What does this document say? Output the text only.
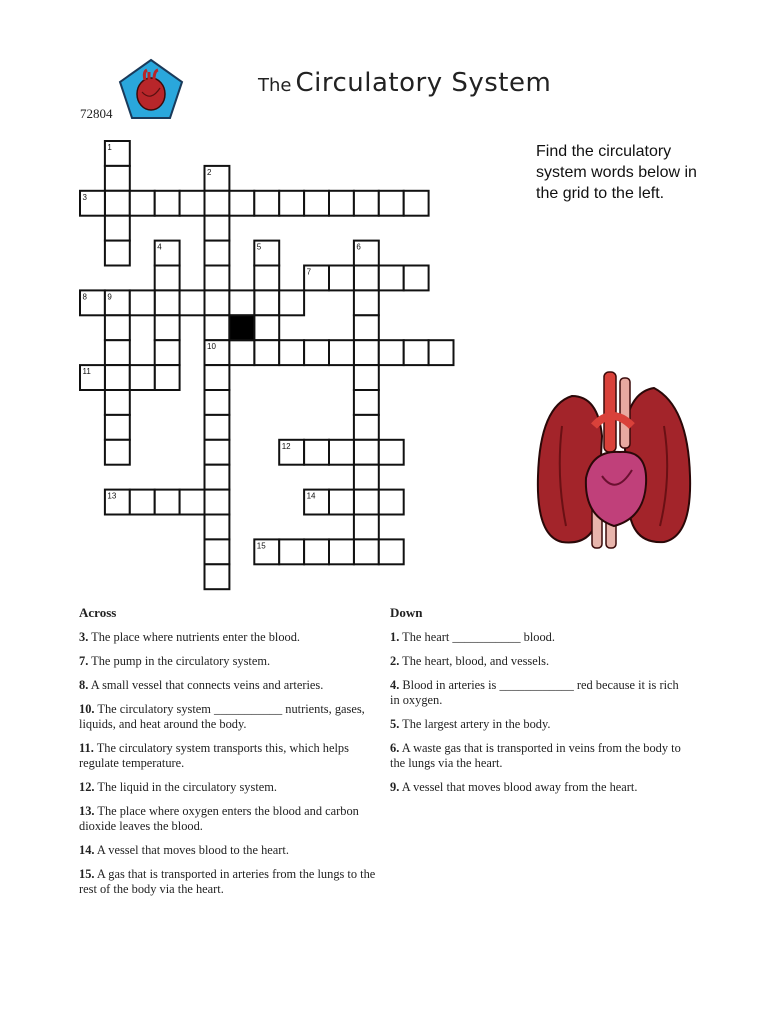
72804
The Circulatory System
Find the circulatory system words below in the grid to the left.
1
2
3
4	5	6
7
8	9
10
11
12
13	14
15
Across
3. The place where nutrients enter the blood.
7. The pump in the circulatory system.
8. A small vessel that connects veins and arteries.
10. The circulatory system ___________ nutrients, gases, liquids, and heat around the body.
11. The circulatory system transports this, which helps regulate temperature.
12. The liquid in the circulatory system.
13. The place where oxygen enters the blood and carbon dioxide leaves the blood.
14. A vessel that moves blood to the heart.
15. A gas that is transported in arteries from the lungs to the rest of the body via the heart.
Down
1. The heart ___________ blood.
2. The heart, blood, and vessels.
4. Blood in arteries is ____________ red because it is rich in oxygen.
5. The largest artery in the body.
6. A waste gas that is transported in veins from the body to the lungs via the heart.
9. A vessel that moves blood away from the heart.
